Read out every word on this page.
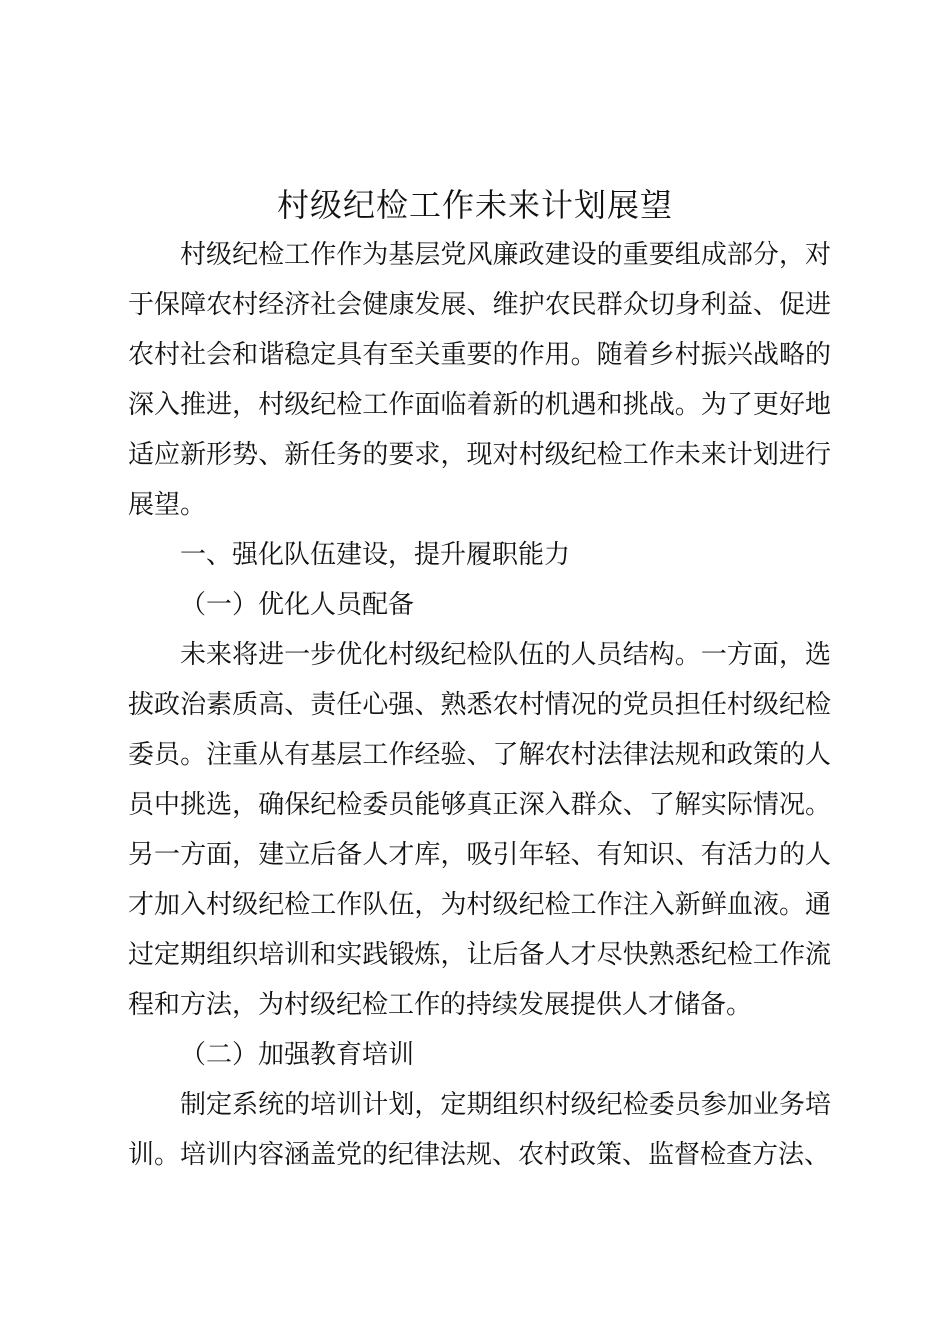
村级纪检工作未来计划展望

村级纪检工作作为基层党风廉政建设的重要组成部分，对于保障农村经济社会健康发展、维护农民群众切身利益、促进农村社会和谐稳定具有至关重要的作用。随着乡村振兴战略的深入推进，村级纪检工作面临着新的机遇和挑战。为了更好地适应新形势、新任务的要求，现对村级纪检工作未来计划进行展望。

一、强化队伍建设，提升履职能力

（一）优化人员配备

未来将进一步优化村级纪检队伍的人员结构。一方面，选拔政治素质高、责任心强、熟悉农村情况的党员担任村级纪检委员。注重从有基层工作经验、了解农村法律法规和政策的人员中挑选，确保纪检委员能够真正深入群众、了解实际情况。另一方面，建立后备人才库，吸引年轻、有知识、有活力的人才加入村级纪检工作队伍，为村级纪检工作注入新鲜血液。通过定期组织培训和实践锻炼，让后备人才尽快熟悉纪检工作流程和方法，为村级纪检工作的持续发展提供人才储备。

（二）加强教育培训

制定系统的培训计划，定期组织村级纪检委员参加业务培训。培训内容涵盖党的纪律法规、农村政策、监督检查方法、
